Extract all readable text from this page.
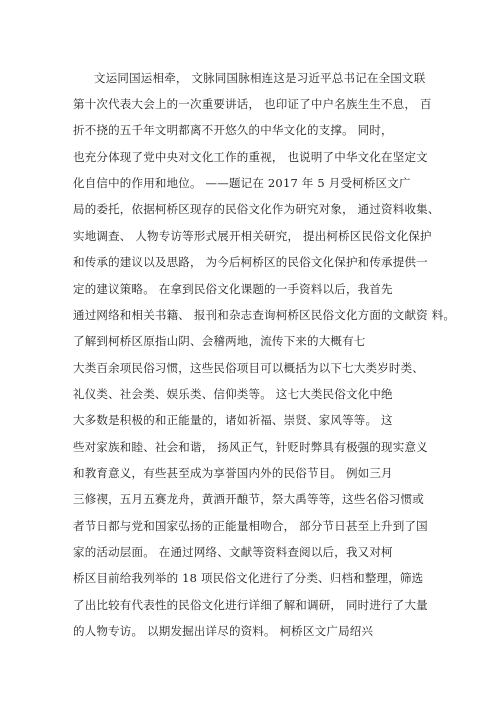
文运同国运相牵， 文脉同国脉相连这是习近平总书记在全国文联
第十次代表大会上的一次重要讲话， 也印证了中户名族生生不息， 百
折不挠的五千年文明都离不开悠久的中华文化的支撑。 同时，
也充分体现了党中央对文化工作的重视， 也说明了中华文化在坚定文
化自信中的作用和地位。 ——题记在 2017 年 5 月受柯桥区文广
局的委托，依据柯桥区现存的民俗文化作为研究对象， 通过资料收集、
实地调查、 人物专访等形式展开相关研究， 提出柯桥区民俗文化保护
和传承的建议以及思路， 为今后柯桥区的民俗文化保护和传承提供一
定的建议策略。 在拿到民俗文化课题的一手资料以后，我首先
通过网络和相关书籍、 报刊和杂志查询柯桥区民俗文化方面的文献资 料。
了解到柯桥区原指山阴、会稽两地，流传下来的大概有七
大类百余项民俗习惯，这些民俗项目可以概括为以下七大类岁时类、
礼仪类、社会类、娱乐类、信仰类等。 这七大类民俗文化中绝
大多数是积极的和正能量的，诸如祈福、崇贤、家风等等。 这
些对家族和睦、社会和谐， 扬风正气，针贬时弊具有极强的现实意义
和教育意义，有些甚至成为享誉国内外的民俗节目。 例如三月
三修禊，五月五赛龙舟，黄酒开酿节，祭大禹等等，这些名俗习惯或
者节日都与党和国家弘扬的正能量相吻合， 部分节日甚至上升到了国
家的活动层面。 在通过网络、文献等资料查阅以后，我又对柯
桥区目前给我列举的 18 项民俗文化进行了分类、归档和整理，筛选
了出比较有代表性的民俗文化进行详细了解和调研， 同时进行了大量
的人物专访。 以期发掘出详尽的资料。 柯桥区文广局绍兴
